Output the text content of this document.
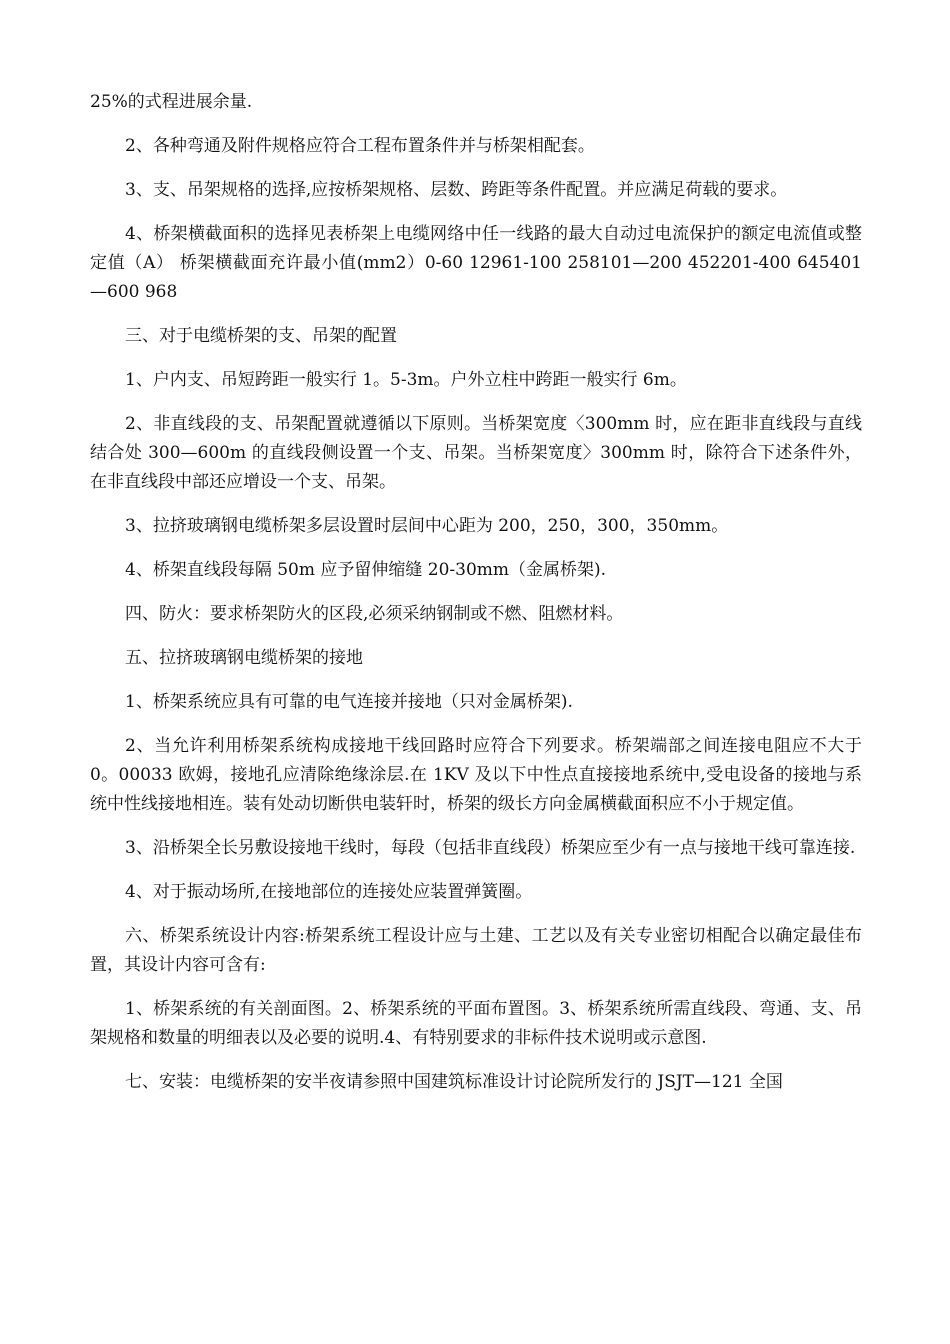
25%的式程进展余量.

2、各种弯通及附件规格应符合工程布置条件并与桥架相配套。

3、支、吊架规格的选择,应按桥架规格、层数、跨距等条件配置。并应满足荷载的要求。

4、桥架横截面积的选择见表桥架上电缆网络中任一线路的最大自动过电流保护的额定电流值或整定值（A） 桥架横截面充许最小值(mm2）0-60 12961-100 258101—200 452201-400 645401—600 968

三、对于电缆桥架的支、吊架的配置

1、户内支、吊短跨距一般实行 1。5-3m。户外立柱中跨距一般实行 6m。

2、非直线段的支、吊架配置就遵循以下原则。当桥架宽度〈300mm 时，应在距非直线段与直线结合处 300—600m 的直线段侧设置一个支、吊架。当桥架宽度〉300mm 时，除符合下述条件外，在非直线段中部还应增设一个支、吊架。

3、拉挤玻璃钢电缆桥架多层设置时层间中心距为 200，250，300，350mm。

4、桥架直线段每隔 50m 应予留伸缩缝 20-30mm（金属桥架).

四、防火：要求桥架防火的区段,必须采纳钢制或不燃、阻燃材料。

五、拉挤玻璃钢电缆桥架的接地

1、桥架系统应具有可靠的电气连接并接地（只对金属桥架).

2、当允许利用桥架系统构成接地干线回路时应符合下列要求。桥架端部之间连接电阻应不大于 0。00033 欧姆，接地孔应清除绝缘涂层.在 1KV 及以下中性点直接接地系统中,受电设备的接地与系统中性线接地相连。装有处动切断供电装轩时，桥架的级长方向金属横截面积应不小于规定值。

3、沿桥架全长另敷设接地干线时，每段（包括非直线段）桥架应至少有一点与接地干线可靠连接.

4、对于振动场所,在接地部位的连接处应装置弹簧圈。

六、桥架系统设计内容:桥架系统工程设计应与土建、工艺以及有关专业密切相配合以确定最佳布置，其设计内容可含有:

1、桥架系统的有关剖面图。2、桥架系统的平面布置图。3、桥架系统所需直线段、弯通、支、吊架规格和数量的明细表以及必要的说明.4、有特别要求的非标件技术说明或示意图.

七、安装：电缆桥架的安半夜请参照中国建筑标准设计讨论院所发行的 JSJT—121 全国
